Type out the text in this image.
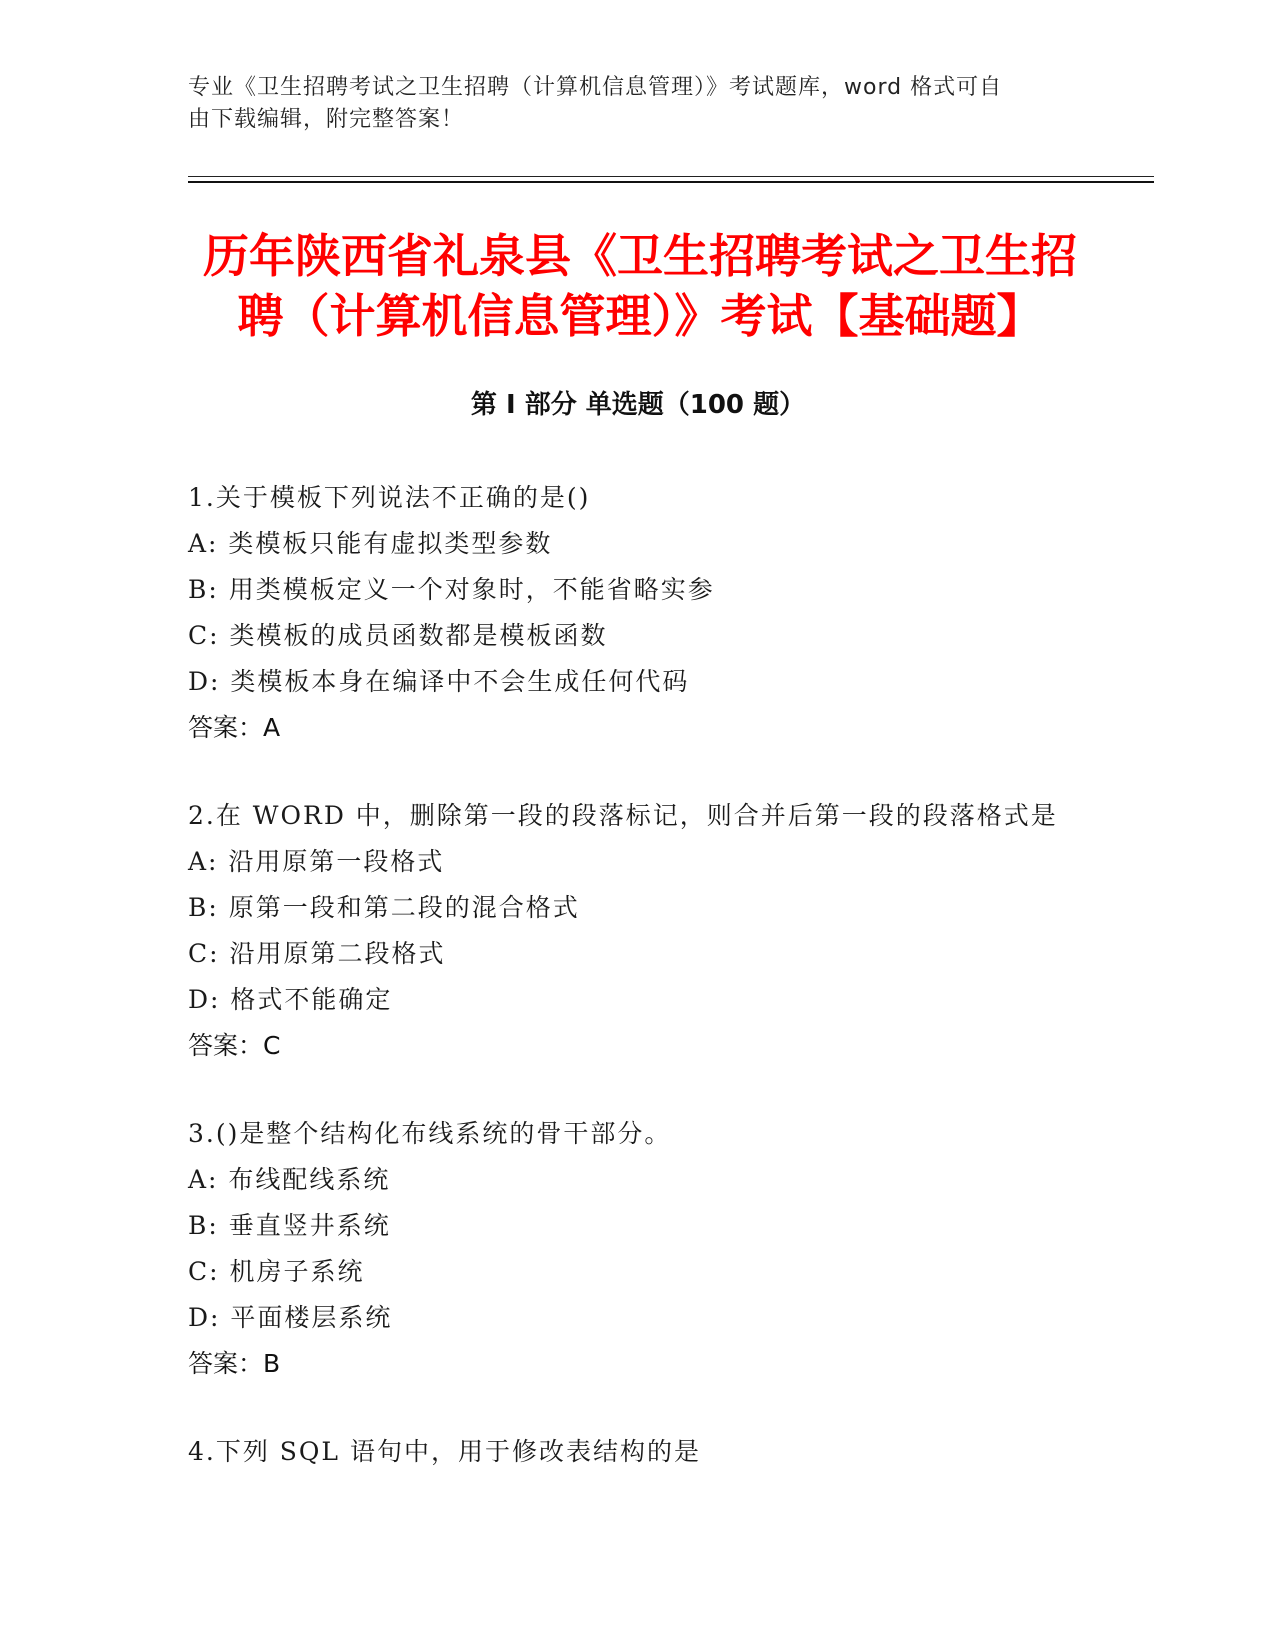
专业《卫生招聘考试之卫生招聘（计算机信息管理）》考试题库，word 格式可自
由下载编辑，附完整答案！
历年陕西省礼泉县《卫生招聘考试之卫生招
聘（计算机信息管理）》考试【基础题】
第 I 部分 单选题（100 题）
1.关于模板下列说法不正确的是()
A: 类模板只能有虚拟类型参数
B: 用类模板定义一个对象时，不能省略实参
C: 类模板的成员函数都是模板函数
D: 类模板本身在编译中不会生成任何代码
答案：A
2.在 WORD 中，删除第一段的段落标记，则合并后第一段的段落格式是
A: 沿用原第一段格式
B: 原第一段和第二段的混合格式
C: 沿用原第二段格式
D: 格式不能确定
答案：C
3.()是整个结构化布线系统的骨干部分。
A: 布线配线系统
B: 垂直竖井系统
C: 机房子系统
D: 平面楼层系统
答案：B
4.下列 SQL 语句中，用于修改表结构的是
